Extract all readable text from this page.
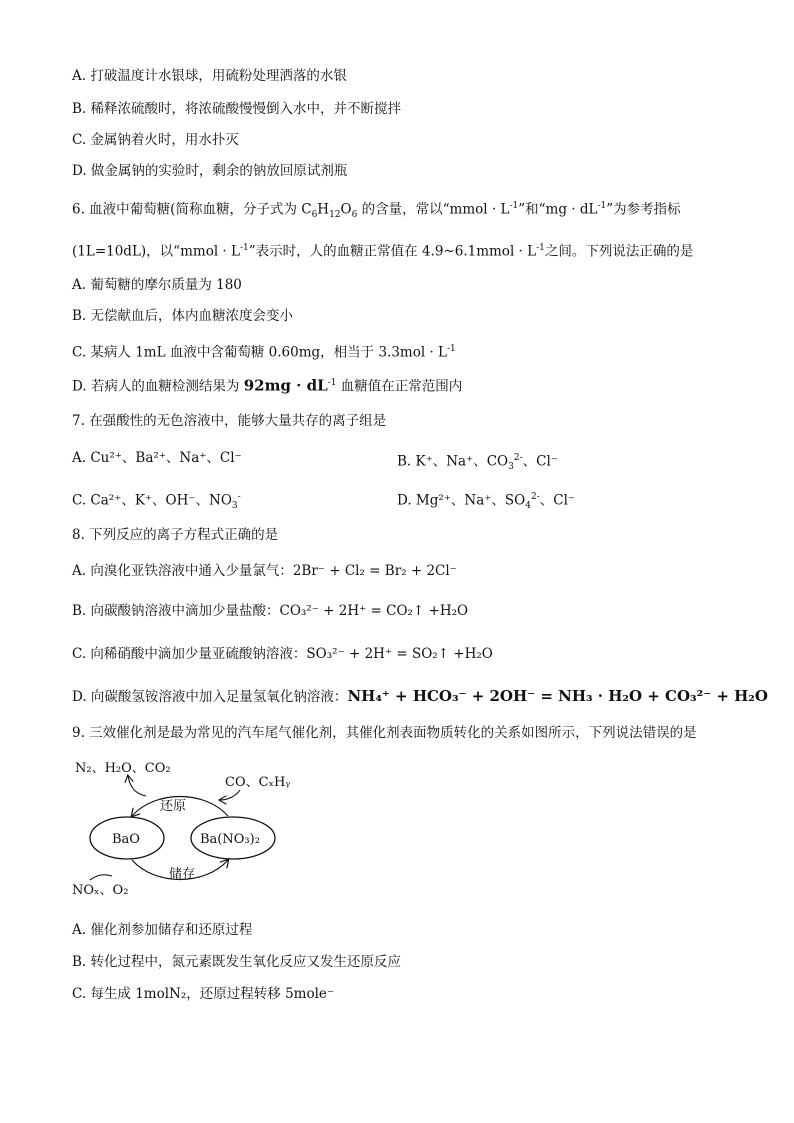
A. 打破温度计水银球，用硫粉处理洒落的水银
B. 稀释浓硫酸时，将浓硫酸慢慢倒入水中，并不断搅拌
C. 金属钠着火时，用水扑灭
D. 做金属钠的实验时，剩余的钠放回原试剂瓶
6. 血液中葡萄糖(简称血糖，分子式为 $C_6H_{12}O_6$ 的含量，常以“mmol · $L^{-1}$”和“mg · $dL^{-1}$”为参考指标
(1L=10dL)，以“mmol · $L^{-1}$”表示时，人的血糖正常值在 4.9~6.1mmol · $L^{-1}$之间。下列说法正确的是
A. 葡萄糖的摩尔质量为 180
B. 无偿献血后，体内血糖浓度会变小
C. 某病人 1mL 血液中含葡萄糖 0.60mg，相当于 $3.3mol \cdot L^{-1}$
D. 若病人的血糖检测结果为 $92mg \cdot dL^{-1}$ 血糖值在正常范围内
7. 在强酸性的无色溶液中，能够大量共存的离子组是
A. Cu²⁺、Ba²⁺、Na⁺、Cl⁻	B. K⁺、Na⁺、$CO_3^{2-}$、Cl⁻
C. Ca²⁺、K⁺、OH⁻、$NO_3^-$	D. Mg²⁺、Na⁺、$SO_4^{2-}$、Cl⁻
8. 下列反应的离子方程式正确的是
A. 向溴化亚铁溶液中通入少量氯气：2Br⁻ + Cl₂ = Br₂ + 2Cl⁻
B. 向碳酸钠溶液中滴加少量盐酸：CO₃²⁻ + 2H⁺ = CO₂↑ +H₂O
C. 向稀硝酸中滴加少量亚硫酸钠溶液：SO₃²⁻ + 2H⁺ = SO₂↑ +H₂O
D. 向碳酸氢铵溶液中加入足量氢氧化钠溶液：NH₄⁺ + HCO₃⁻ + 2OH⁻ = NH₃ · H₂O + CO₃²⁻ + H₂O
9. 三效催化剂是最为常见的汽车尾气催化剂，其催化剂表面物质转化的关系如图所示，下列说法错误的是
N₂、H₂O、CO₂
CO、CₓHᵧ
BaO	Ba(NO₃)₂
还原
储存
NOₓ、O₂
A. 催化剂参加储存和还原过程
B. 转化过程中，氮元素既发生氧化反应又发生还原反应
C. 每生成 1molN₂，还原过程转移 5mole⁻
